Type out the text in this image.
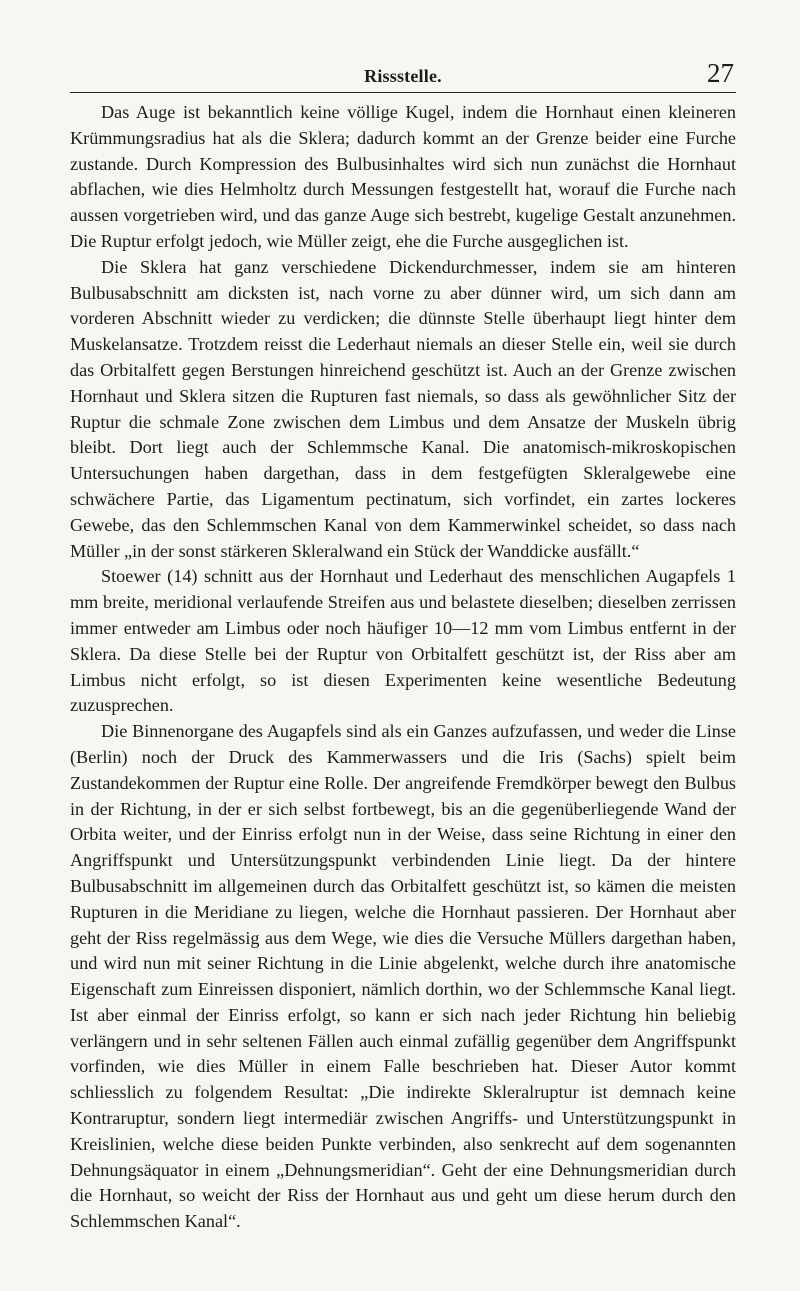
Rissstelle.	27

Das Auge ist bekanntlich keine völlige Kugel, indem die Hornhaut einen kleineren Krümmungsradius hat als die Sklera; dadurch kommt an der Grenze beider eine Furche zustande. Durch Kompression des Bulbusinhaltes wird sich nun zunächst die Hornhaut abflachen, wie dies Helmholtz durch Messungen festgestellt hat, worauf die Furche nach aussen vorgetrieben wird, und das ganze Auge sich bestrebt, kugelige Gestalt anzunehmen. Die Ruptur erfolgt jedoch, wie Müller zeigt, ehe die Furche ausgeglichen ist.

Die Sklera hat ganz verschiedene Dickendurchmesser, indem sie am hinteren Bulbusabschnitt am dicksten ist, nach vorne zu aber dünner wird, um sich dann am vorderen Abschnitt wieder zu verdicken; die dünnste Stelle überhaupt liegt hinter dem Muskelansatze. Trotzdem reisst die Lederhaut niemals an dieser Stelle ein, weil sie durch das Orbitalfett gegen Berstungen hinreichend geschützt ist. Auch an der Grenze zwischen Hornhaut und Sklera sitzen die Rupturen fast niemals, so dass als gewöhnlicher Sitz der Ruptur die schmale Zone zwischen dem Limbus und dem Ansatze der Muskeln übrig bleibt. Dort liegt auch der Schlemmsche Kanal. Die anatomisch-mikroskopischen Untersuchungen haben dargethan, dass in dem festgefügten Skleralgewebe eine schwächere Partie, das Ligamentum pectinatum, sich vorfindet, ein zartes lockeres Gewebe, das den Schlemmschen Kanal von dem Kammerwinkel scheidet, so dass nach Müller „in der sonst stärkeren Skleralwand ein Stück der Wanddicke ausfällt.“

Stoewer (14) schnitt aus der Hornhaut und Lederhaut des menschlichen Augapfels 1 mm breite, meridional verlaufende Streifen aus und belastete dieselben; dieselben zerrissen immer entweder am Limbus oder noch häufiger 10—12 mm vom Limbus entfernt in der Sklera. Da diese Stelle bei der Ruptur von Orbitalfett geschützt ist, der Riss aber am Limbus nicht erfolgt, so ist diesen Experimenten keine wesentliche Bedeutung zuzusprechen.

Die Binnenorgane des Augapfels sind als ein Ganzes aufzufassen, und weder die Linse (Berlin) noch der Druck des Kammerwassers und die Iris (Sachs) spielt beim Zustandekommen der Ruptur eine Rolle. Der angreifende Fremdkörper bewegt den Bulbus in der Richtung, in der er sich selbst fortbewegt, bis an die gegenüberliegende Wand der Orbita weiter, und der Einriss erfolgt nun in der Weise, dass seine Richtung in einer den Angriffspunkt und Untersützungspunkt verbindenden Linie liegt. Da der hintere Bulbusabschnitt im allgemeinen durch das Orbitalfett geschützt ist, so kämen die meisten Rupturen in die Meridiane zu liegen, welche die Hornhaut passieren. Der Hornhaut aber geht der Riss regelmässig aus dem Wege, wie dies die Versuche Müllers dargethan haben, und wird nun mit seiner Richtung in die Linie abgelenkt, welche durch ihre anatomische Eigenschaft zum Einreissen disponiert, nämlich dorthin, wo der Schlemmsche Kanal liegt. Ist aber einmal der Einriss erfolgt, so kann er sich nach jeder Richtung hin beliebig verlängern und in sehr seltenen Fällen auch einmal zufällig gegenüber dem Angriffspunkt vorfinden, wie dies Müller in einem Falle beschrieben hat. Dieser Autor kommt schliesslich zu folgendem Resultat: „Die indirekte Skleralruptur ist demnach keine Kontraruptur, sondern liegt intermediär zwischen Angriffs- und Unterstützungspunkt in Kreislinien, welche diese beiden Punkte verbinden, also senkrecht auf dem sogenannten Dehnungsäquator in einem „Dehnungsmeridian“. Geht der eine Dehnungsmeridian durch die Hornhaut, so weicht der Riss der Hornhaut aus und geht um diese herum durch den Schlemmschen Kanal“.
